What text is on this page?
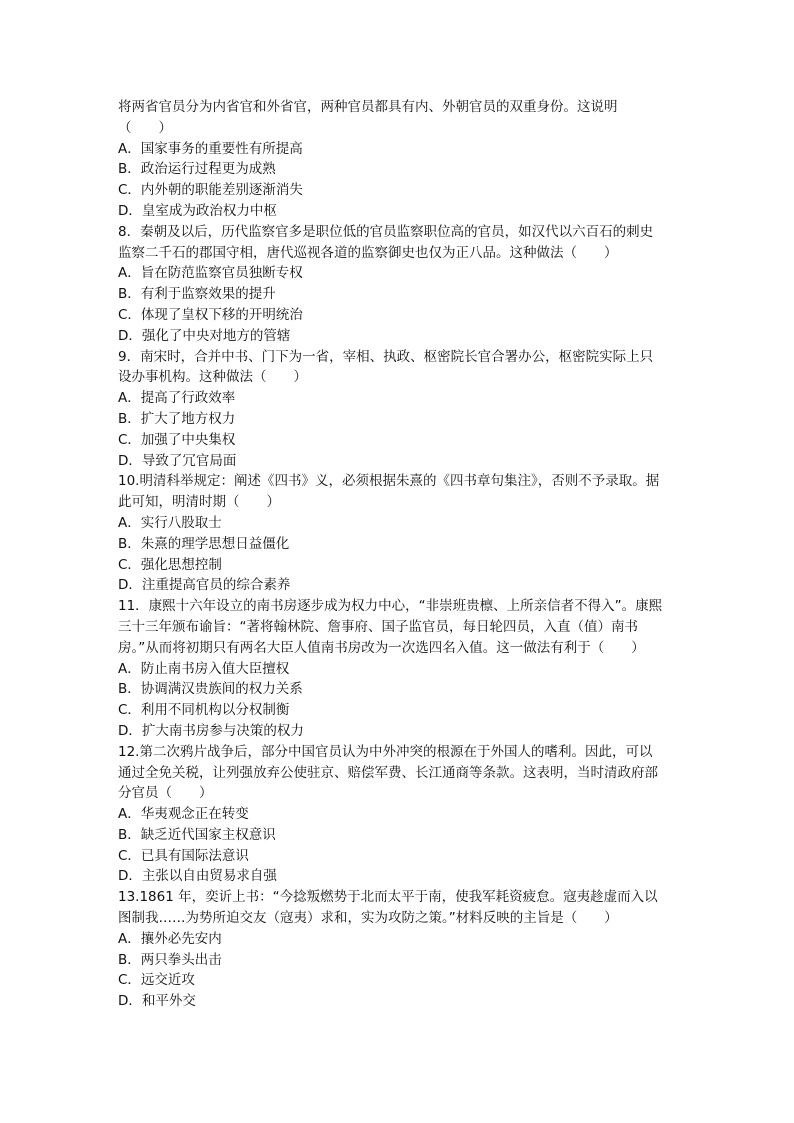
将两省官员分为内省官和外省官，两种官员都具有内、外朝官员的双重身份。这说明
（　　）
A．国家事务的重要性有所提高
B．政治运行过程更为成熟
C．内外朝的职能差别逐渐消失
D．皇室成为政治权力中枢
8．秦朝及以后，历代监察官多是职位低的官员监察职位高的官员，如汉代以六百石的刺史
监察二千石的郡国守相，唐代巡视各道的监察御史也仅为正八品。这种做法（　　）
A．旨在防范监察官员独断专权
B．有利于监察效果的提升
C．体现了皇权下移的开明统治
D．强化了中央对地方的管辖
9．南宋时，合并中书、门下为一省，宰相、执政、枢密院长官合署办公，枢密院实际上只
设办事机构。这种做法（　　）
A．提高了行政效率
B．扩大了地方权力
C．加强了中央集权
D．导致了冗官局面
10.明清科举规定：阐述《四书》义，必须根据朱熹的《四书章句集注》，否则不予录取。据
此可知，明清时期（　　）
A．实行八股取士
B．朱熹的理学思想日益僵化
C．强化思想控制
D．注重提高官员的综合素养
11．康熙十六年设立的南书房逐步成为权力中心，“非崇班贵檩、上所亲信者不得入”。康熙
三十三年颁布谕旨：“著将翰林院、詹事府、国子监官员，每日轮四员，入直（值）南书
房。”从而将初期只有两名大臣人值南书房改为一次选四名入值。这一做法有利于（　　）
A．防止南书房入值大臣擅权
B．协调满汉贵族间的权力关系
C．利用不同机构以分权制衡
D．扩大南书房参与决策的权力
12.第二次鸦片战争后，部分中国官员认为中外冲突的根源在于外国人的嗜利。因此，可以
通过全免关税，让列强放弃公使驻京、赔偿军费、长江通商等条款。这表明，当时清政府部
分官员（　　）
A．华夷观念正在转变
B．缺乏近代国家主权意识
C．已具有国际法意识
D．主张以自由贸易求自强
13.1861 年，奕䜣上书：“今捻叛燃势于北而太平于南，使我军耗资疲怠。寇夷趁虚而入以
图制我……为势所迫交友（寇夷）求和，实为攻防之策。”材料反映的主旨是（　　）
A．攘外必先安内
B．两只拳头出击
C．远交近攻
D．和平外交
